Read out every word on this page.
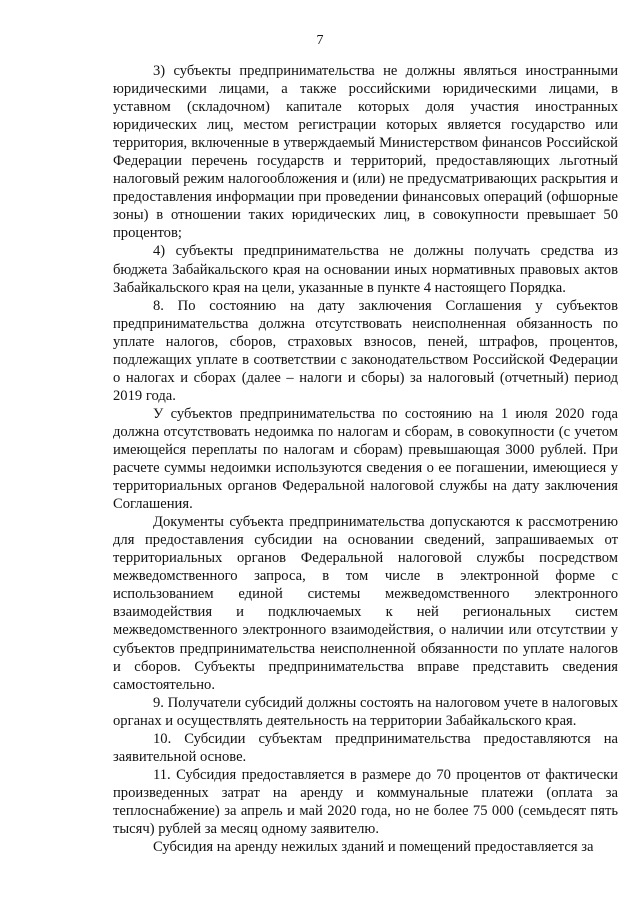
7

3) субъекты предпринимательства не должны являться иностранными юридическими лицами, а также российскими юридическими лицами, в уставном (складочном) капитале которых доля участия иностранных юридических лиц, местом регистрации которых является государство или территория, включенные в утверждаемый Министерством финансов Российской Федерации перечень государств и территорий, предоставляющих льготный налоговый режим налогообложения и (или) не предусматривающих раскрытия и предоставления информации при проведении финансовых операций (офшорные зоны) в отношении таких юридических лиц, в совокупности превышает 50 процентов;

4) субъекты предпринимательства не должны получать средства из бюджета Забайкальского края на основании иных нормативных правовых актов Забайкальского края на цели, указанные в пункте 4 настоящего Порядка.

8. По состоянию на дату заключения Соглашения у субъектов предпринимательства должна отсутствовать неисполненная обязанность по уплате налогов, сборов, страховых взносов, пеней, штрафов, процентов, подлежащих уплате в соответствии с законодательством Российской Федерации о налогах и сборах (далее – налоги и сборы) за налоговый (отчетный) период 2019 года.

У субъектов предпринимательства по состоянию на 1 июля 2020 года должна отсутствовать недоимка по налогам и сборам, в совокупности (с учетом имеющейся переплаты по налогам и сборам) превышающая 3000 рублей. При расчете суммы недоимки используются сведения о ее погашении, имеющиеся у территориальных органов Федеральной налоговой службы на дату заключения Соглашения.

Документы субъекта предпринимательства допускаются к рассмотрению для предоставления субсидии на основании сведений, запрашиваемых от территориальных органов Федеральной налоговой службы посредством межведомственного запроса, в том числе в электронной форме с использованием единой системы межведомственного электронного взаимодействия и подключаемых к ней региональных систем межведомственного электронного взаимодействия, о наличии или отсутствии у субъектов предпринимательства неисполненной обязанности по уплате налогов и сборов. Субъекты предпринимательства вправе представить сведения самостоятельно.

9. Получатели субсидий должны состоять на налоговом учете в налоговых органах и осуществлять деятельность на территории Забайкальского края.

10. Субсидии субъектам предпринимательства предоставляются на заявительной основе.

11. Субсидия предоставляется в размере до 70 процентов от фактически произведенных затрат на аренду и коммунальные платежи (оплата за теплоснабжение) за апрель и май 2020 года, но не более 75 000 (семьдесят пять тысяч) рублей за месяц одному заявителю.

Субсидия на аренду нежилых зданий и помещений предоставляется за
